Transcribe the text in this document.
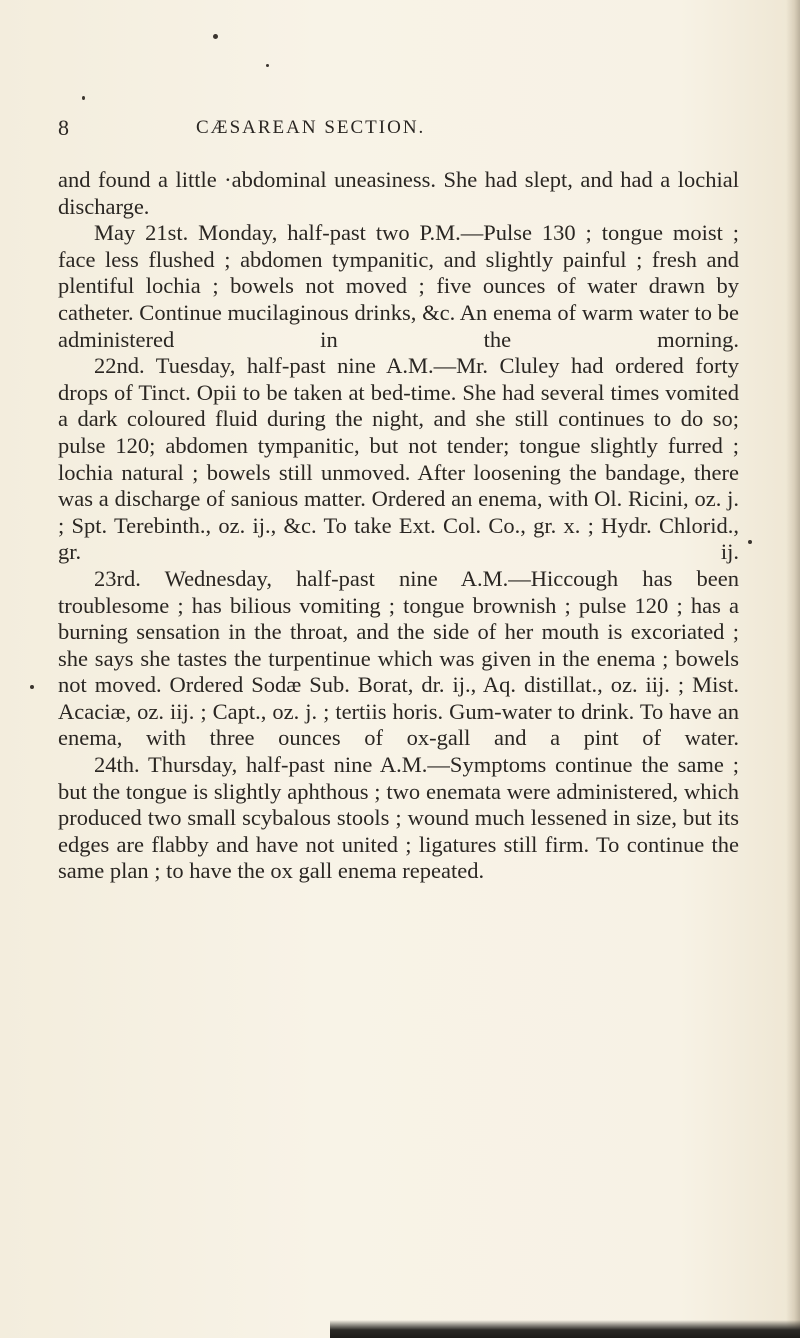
8	CÆSAREAN SECTION.

and found a little ·abdominal uneasiness. She had slept, and had a lochial discharge.

May 21st. Monday, half-past two P.M.—Pulse 130 ; tongue moist ; face less flushed ; abdomen tympanitic, and slightly painful ; fresh and plentiful lochia ; bowels not moved ; five ounces of water drawn by catheter. Continue mucilaginous drinks, &c. An enema of warm water to be administered in the morning.

22nd. Tuesday, half-past nine A.M.—Mr. Cluley had ordered forty drops of Tinct. Opii to be taken at bed-time. She had several times vomited a dark coloured fluid during the night, and she still continues to do so; pulse 120; abdomen tympanitic, but not tender; tongue slightly furred ; lochia natural ; bowels still unmoved. After loosening the bandage, there was a discharge of sanious matter. Ordered an enema, with Ol. Ricini, oz. j. ; Spt. Terebinth., oz. ij., &c. To take Ext. Col. Co., gr. x. ; Hydr. Chlorid., gr. ij.

23rd. Wednesday, half-past nine A.M.—Hiccough has been troublesome ; has bilious vomiting ; tongue brownish ; pulse 120 ; has a burning sensation in the throat, and the side of her mouth is excoriated ; she says she tastes the turpentinue which was given in the enema ; bowels not moved. Ordered Sodæ Sub. Borat, dr. ij., Aq. distillat., oz. iij. ; Mist. Acaciæ, oz. iij. ; Capt., oz. j. ; tertiis horis. Gum-water to drink. To have an enema, with three ounces of ox-gall and a pint of water.

24th. Thursday, half-past nine A.M.—Symptoms continue the same ; but the tongue is slightly aphthous ; two enemata were administered, which produced two small scybalous stools ; wound much lessened in size, but its edges are flabby and have not united ; ligatures still firm. To continue the same plan ; to have the ox gall enema repeated.
